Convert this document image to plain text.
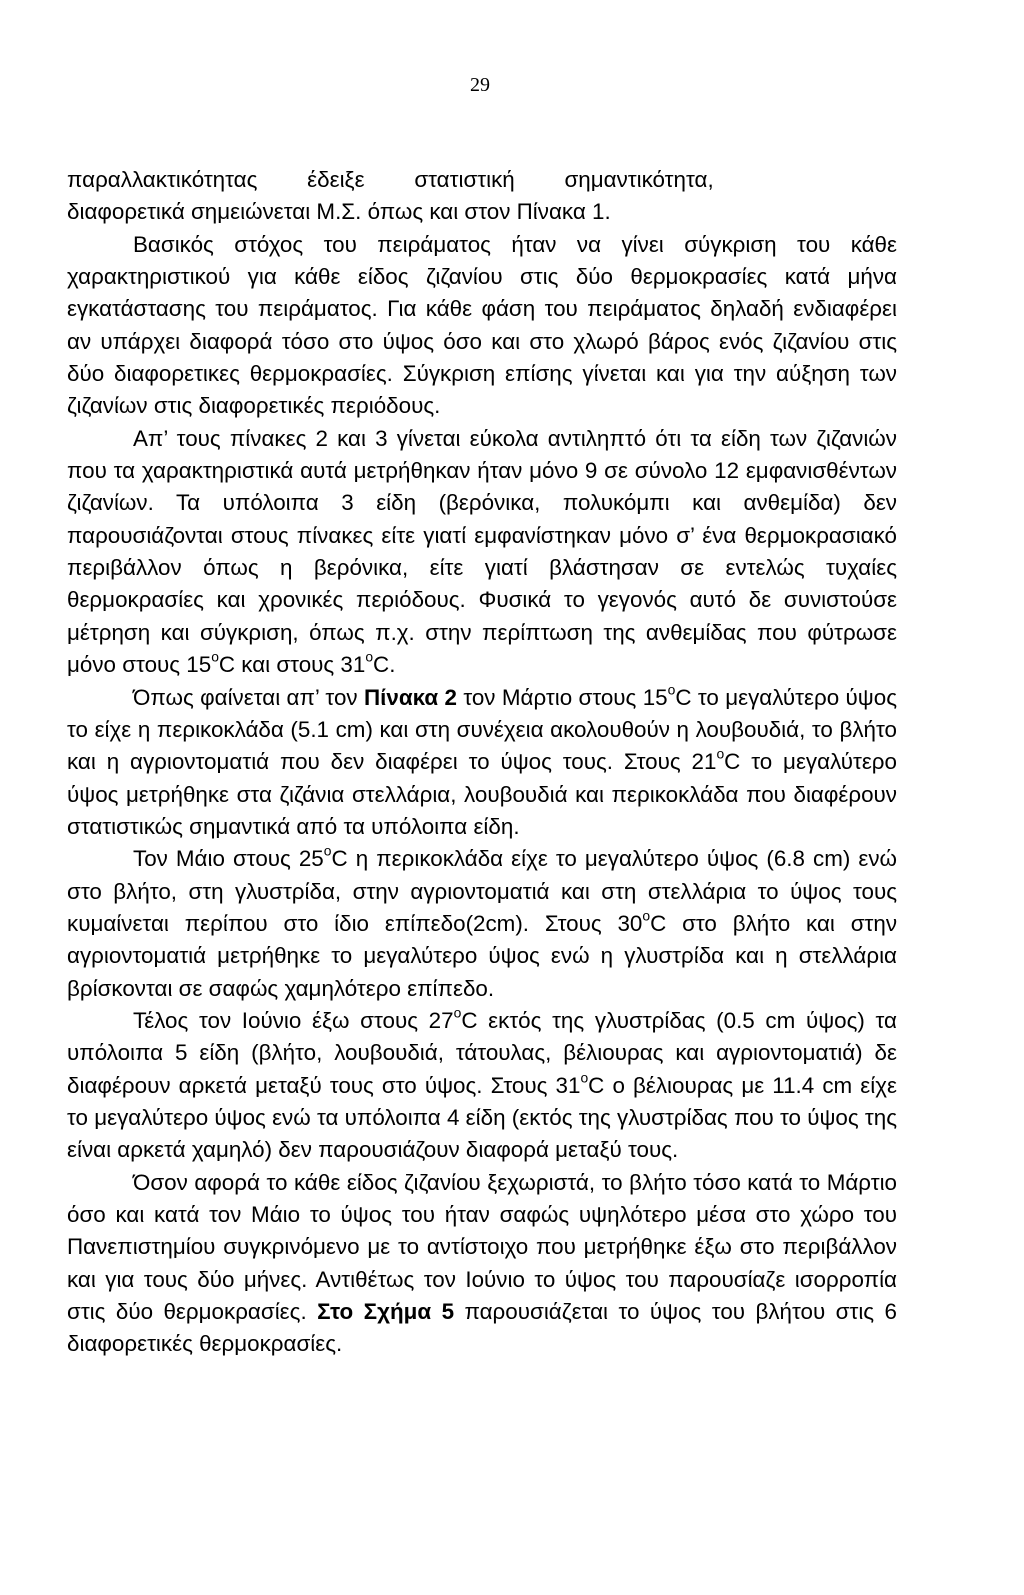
29

παραλλακτικότητας        έδειξε        στατιστική        σημαντικότητα,
διαφορετικά σημειώνεται Μ.Σ. όπως και στον Πίνακα 1.

Βασικός στόχος του πειράματος ήταν να γίνει σύγκριση του κάθε χαρακτηριστικού για κάθε είδος ζιζανίου στις δύο θερμοκρασίες κατά μήνα εγκατάστασης του πειράματος. Για κάθε φάση του πειράματος δηλαδή ενδιαφέρει αν υπάρχει διαφορά τόσο στο ύψος όσο και στο χλωρό βάρος ενός ζιζανίου στις δύο διαφορετικες θερμοκρασίες. Σύγκριση επίσης γίνεται και για την αύξηση των ζιζανίων στις διαφορετικές περιόδους.

Απ’ τους πίνακες 2 και 3 γίνεται εύκολα αντιληπτό ότι τα είδη των ζιζανιών που τα χαρακτηριστικά αυτά μετρήθηκαν ήταν μόνο 9 σε σύνολο 12 εμφανισθέντων ζιζανίων. Τα υπόλοιπα 3 είδη (βερόνικα, πολυκόμπι και ανθεμίδα) δεν παρουσιάζονται στους πίνακες είτε γιατί εμφανίστηκαν μόνο σ’ ένα θερμοκρασιακό περιβάλλον όπως η βερόνικα, είτε γιατί βλάστησαν σε εντελώς τυχαίες θερμοκρασίες και χρονικές περιόδους. Φυσικά το γεγονός αυτό δε συνιστούσε μέτρηση και σύγκριση, όπως π.χ. στην περίπτωση της ανθεμίδας που φύτρωσε μόνο στους $15^oC$ και στους $31^oC$.

Όπως φαίνεται απ’ τον Πίνακα 2 τον Μάρτιο στους 15$^o$C το μεγαλύτερο ύψος το είχε η περικοκλάδα (5.1 cm) και στη συνέχεια ακολουθούν η λουβουδιά, το βλήτο και η αγριοντοματιά που δεν διαφέρει το ύψος τους. Στους 21$^o$C το μεγαλύτερο ύψος μετρήθηκε στα ζιζάνια στελλάρια, λουβουδιά και περικοκλάδα που διαφέρουν στατιστικώς σημαντικά από τα υπόλοιπα είδη.

Τον Μάιο στους 25$^o$C η περικοκλάδα είχε το μεγαλύτερο ύψος (6.8 cm) ενώ στο βλήτο, στη γλυστρίδα, στην αγριοντοματιά και στη στελλάρια το ύψος τους κυμαίνεται περίπου στο ίδιο επίπεδο(2cm). Στους 30$^o$C στο βλήτο και στην αγριοντοματιά μετρήθηκε το μεγαλύτερο ύψος ενώ η γλυστρίδα και η στελλάρια βρίσκονται σε σαφώς χαμηλότερο επίπεδο.

Τέλος τον Ιούνιο έξω στους 27$^o$C εκτός της γλυστρίδας (0.5 cm ύψος) τα υπόλοιπα 5 είδη (βλήτο, λουβουδιά, τάτουλας, βέλιουρας και αγριοντοματιά) δε διαφέρουν αρκετά μεταξύ τους στο ύψος. Στους 31$^o$C ο βέλιουρας με 11.4 cm είχε το μεγαλύτερο ύψος ενώ τα υπόλοιπα 4 είδη (εκτός της γλυστρίδας που το ύψος της είναι αρκετά χαμηλό) δεν παρουσιάζουν διαφορά μεταξύ τους.

Όσον αφορά το κάθε είδος ζιζανίου ξεχωριστά, το βλήτο τόσο κατά το Μάρτιο όσο και κατά τον Μάιο το ύψος του ήταν σαφώς υψηλότερο μέσα στο χώρο του Πανεπιστημίου συγκρινόμενο με το αντίστοιχο που μετρήθηκε έξω στο περιβάλλον και για τους δύο μήνες. Αντιθέτως τον Ιούνιο το ύψος του παρουσίαζε ισορροπία στις δύο θερμοκρασίες. Στο Σχήμα 5 παρουσιάζεται το ύψος του βλήτου στις 6 διαφορετικές θερμοκρασίες.
